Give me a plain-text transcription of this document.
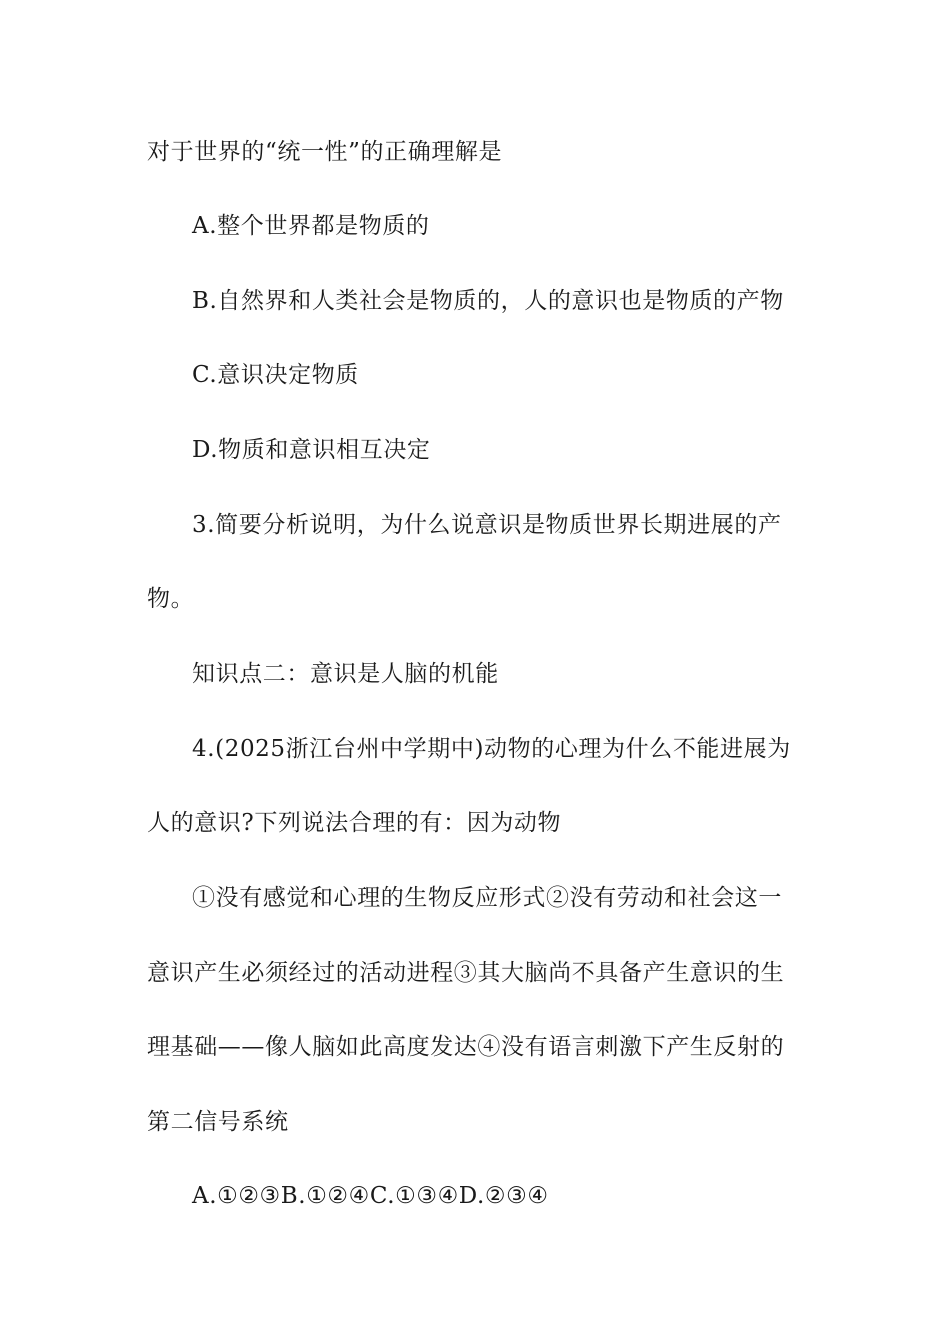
对于世界的“统一性”的正确理解是
A.整个世界都是物质的
B.自然界和人类社会是物质的，人的意识也是物质的产物
C.意识决定物质
D.物质和意识相互决定
3.简要分析说明，为什么说意识是物质世界长期进展的产
物。
知识点二：意识是人脑的机能
4.(2025浙江台州中学期中)动物的心理为什么不能进展为
人的意识?下列说法合理的有：因为动物
①没有感觉和心理的生物反应形式②没有劳动和社会这一
意识产生必须经过的活动进程③其大脑尚不具备产生意识的生
理基础——像人脑如此高度发达④没有语言刺激下产生反射的
第二信号系统
A.①②③B.①②④C.①③④D.②③④
